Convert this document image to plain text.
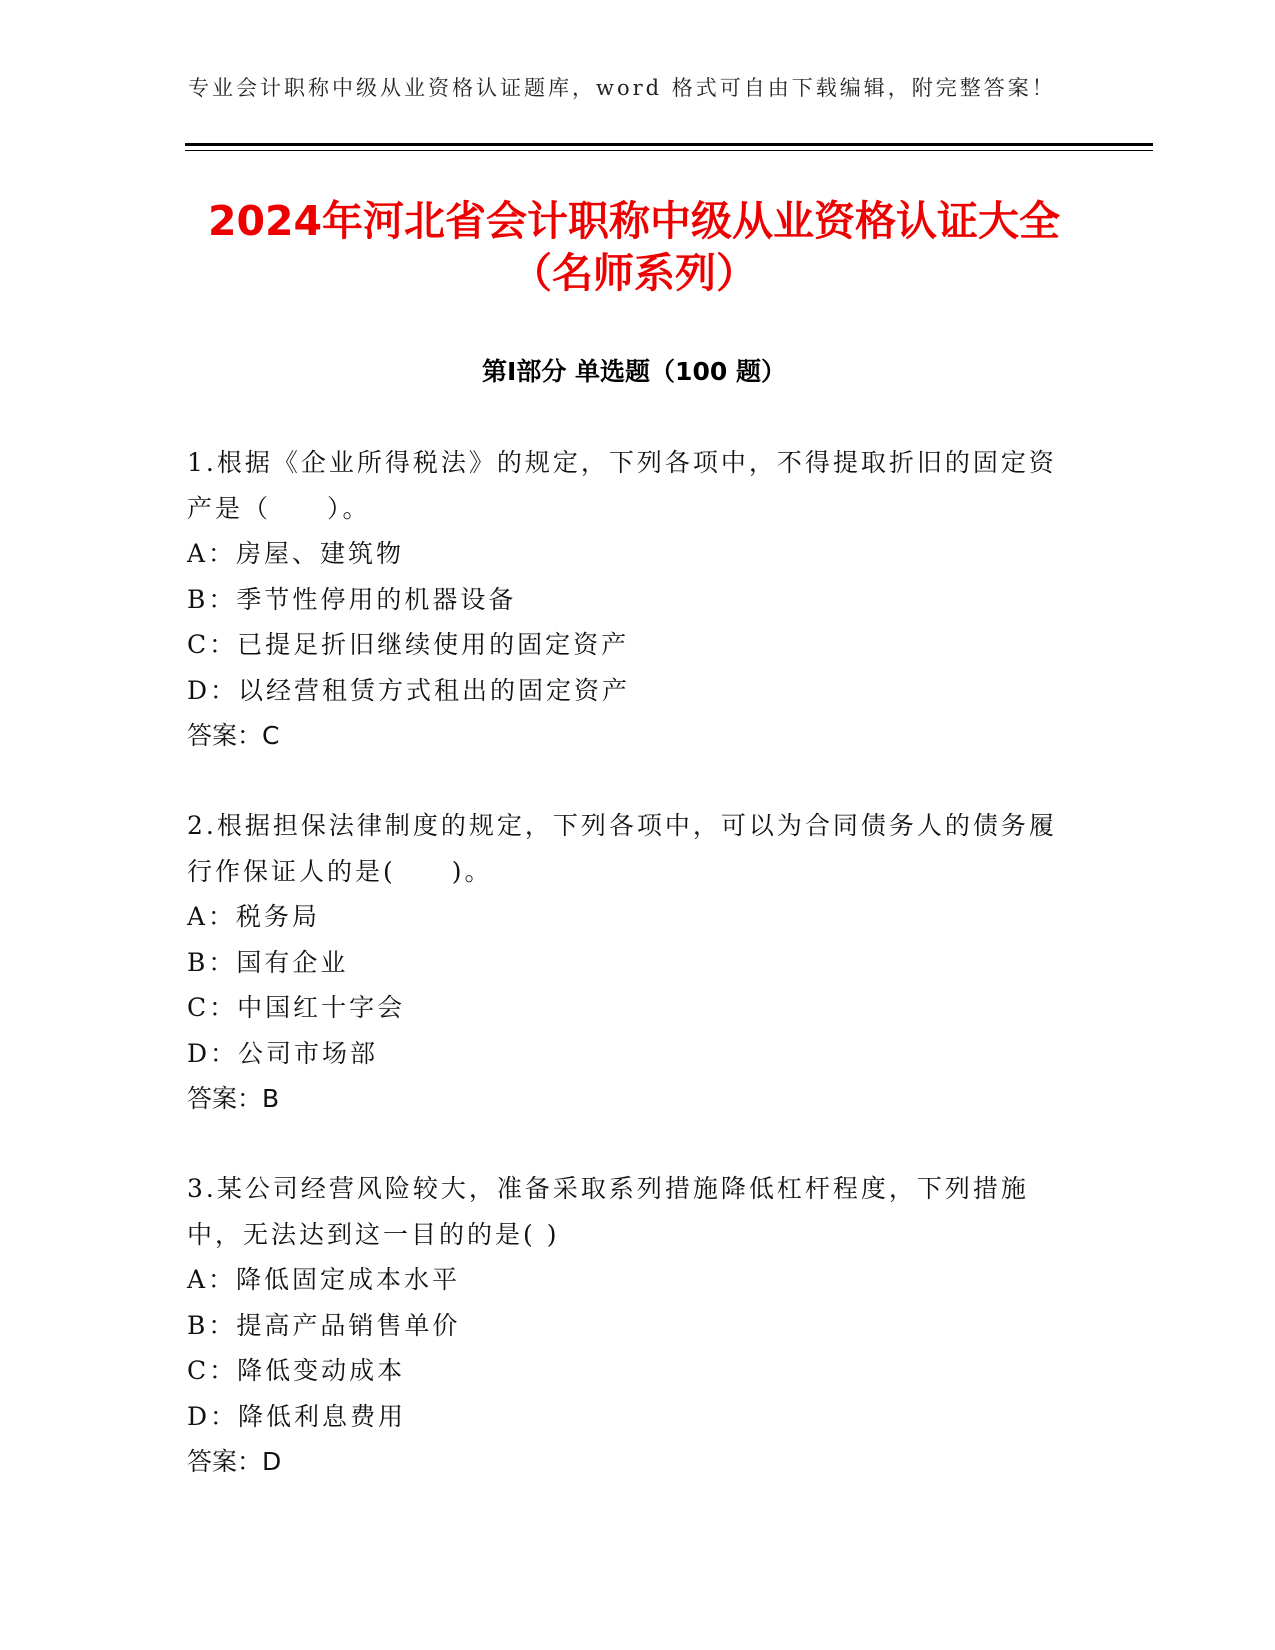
专业会计职称中级从业资格认证题库，word 格式可自由下载编辑，附完整答案！
2024年河北省会计职称中级从业资格认证大全（名师系列）
第Ⅰ部分 单选题（100 题）
1.根据《企业所得税法》的规定，下列各项中，不得提取折旧的固定资产是（　　）。
A：房屋、建筑物
B：季节性停用的机器设备
C：已提足折旧继续使用的固定资产
D：以经营租赁方式租出的固定资产
答案：C
2.根据担保法律制度的规定，下列各项中，可以为合同债务人的债务履行作保证人的是(　　)。
A：税务局
B：国有企业
C：中国红十字会
D：公司市场部
答案：B
3.某公司经营风险较大，准备采取系列措施降低杠杆程度，下列措施中，无法达到这一目的的是( )
A：降低固定成本水平
B：提高产品销售单价
C：降低变动成本
D：降低利息费用
答案：D
